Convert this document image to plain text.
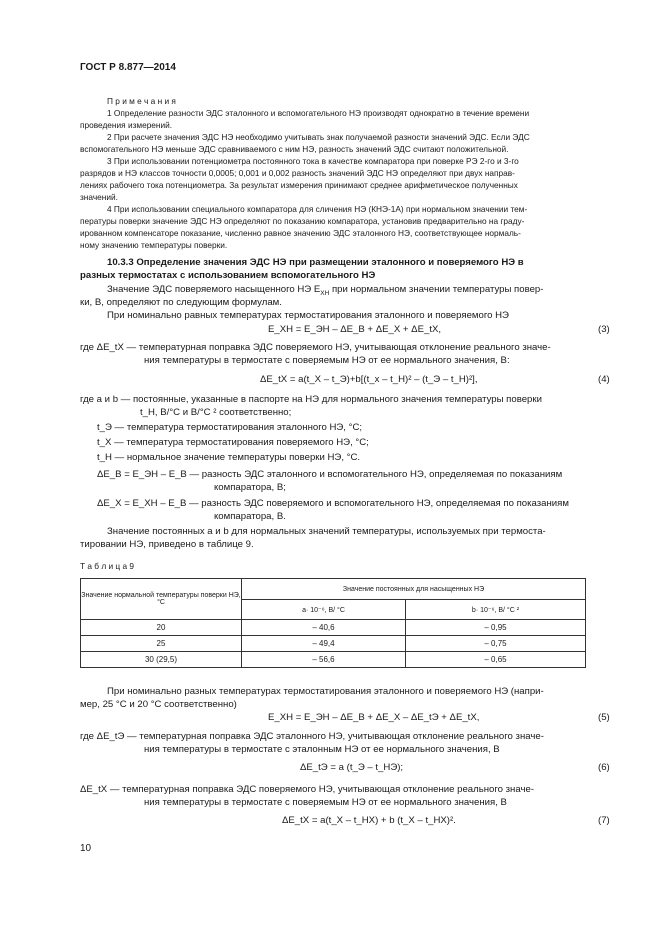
ГОСТ Р 8.877—2014
П р и м е ч а н и я
1 Определение разности ЭДС эталонного и вспомогательного НЭ производят однократно в течение времени
проведения измерений.
2 При расчете значения ЭДС НЭ необходимо учитывать знак получаемой разности значений ЭДС. Если ЭДС
вспомогательного НЭ меньше ЭДС сравниваемого с ним НЭ, разность значений ЭДС считают положительной.
3 При использовании потенциометра постоянного тока в качестве компаратора при поверке РЭ 2-го и 3-го
разрядов и НЭ классов точности 0,0005; 0,001 и 0,002 разность значений ЭДС НЭ определяют при двух направ-
лениях рабочего тока потенциометра. За результат измерения принимают среднее арифметическое полученных
значений.
4 При использовании специального компаратора для сличения НЭ (КНЭ-1А) при нормальном значении тем-
пературы поверки значение ЭДС НЭ определяют по показанию компаратора, установив предварительно на граду-
ированном компенсаторе показание, численно равное значению ЭДС эталонного НЭ, соответствующее нормаль-
ному значению температуры поверки.
10.3.3 Определение значения ЭДС НЭ при размещении эталонного и поверяемого НЭ в
разных термостатах с использованием вспомогательного НЭ
Значение ЭДС поверяемого насыщенного НЭ $E_{XН}$ при нормальном значении температуры повер-
ки, В, определяют по следующим формулам.
При номинально равных температурах термостатирования эталонного и поверяемого НЭ
E_XН = E_ЭН – ΔE_В + ΔE_X + ΔE_tX,	(3)
где ΔE_tX — температурная поправка ЭДС поверяемого НЭ, учитывающая отклонение реального значе-
ния температуры в термостате с поверяемым НЭ от ее нормального значения, В:
ΔE_tX = a(t_X – t_Э)+b[(t_x – t_Н)² – (t_Э – t_Н)²],	(4)
где a и b — постоянные, указанные в паспорте на НЭ для нормального значения температуры поверки
t_Н, В/°С и В/°С ² соответственно;
t_Э — температура термостатирования эталонного НЭ, °С;
t_X — температура термостатирования поверяемого НЭ, °С;
t_Н — нормальное значение температуры поверки НЭ, °С.
ΔE_В = E_ЭН – E_В — разность ЭДС эталонного и вспомогательного НЭ, определяемая по показаниям
компаратора, В;
ΔE_X = E_XН – E_В — разность ЭДС поверяемого и вспомогательного НЭ, определяемая по показаниям
компаратора, В.
Значение постоянных a и b для нормальных значений температуры, используемых при термоста-
тировании НЭ, приведено в таблице 9.
Т а б л и ц а 9
Значение нормальной температуры поверки НЭ, °С	Значение постоянных для насыщенных НЭ	
	a· 10⁻⁶, В/ °С	b· 10⁻⁶, В/ °С ²
20	– 40,6	– 0,95
25	– 49,4	– 0,75
30 (29,5)	– 56,6	– 0,65
При номинально разных температурах термостатирования эталонного и поверяемого НЭ (напри-
мер, 25 °С и 20 °С соответственно)
E_XН = E_ЭН – ΔE_В + ΔE_X – ΔE_tЭ + ΔE_tX,	(5)
где ΔE_tЭ — температурная поправка ЭДС эталонного НЭ, учитывающая отклонение реального значе-
ния температуры в термостате с эталонным НЭ от ее нормального значения, В
ΔE_tЭ = a (t_Э – t_НЭ);	(6)
ΔE_tX — температурная поправка ЭДС поверяемого НЭ, учитывающая отклонение реального значе-
ния температуры в термостате с поверяемым НЭ от ее нормального значения, В
ΔE_tX = a(t_X – t_НX) + b (t_X – t_НX)².	(7)
10
